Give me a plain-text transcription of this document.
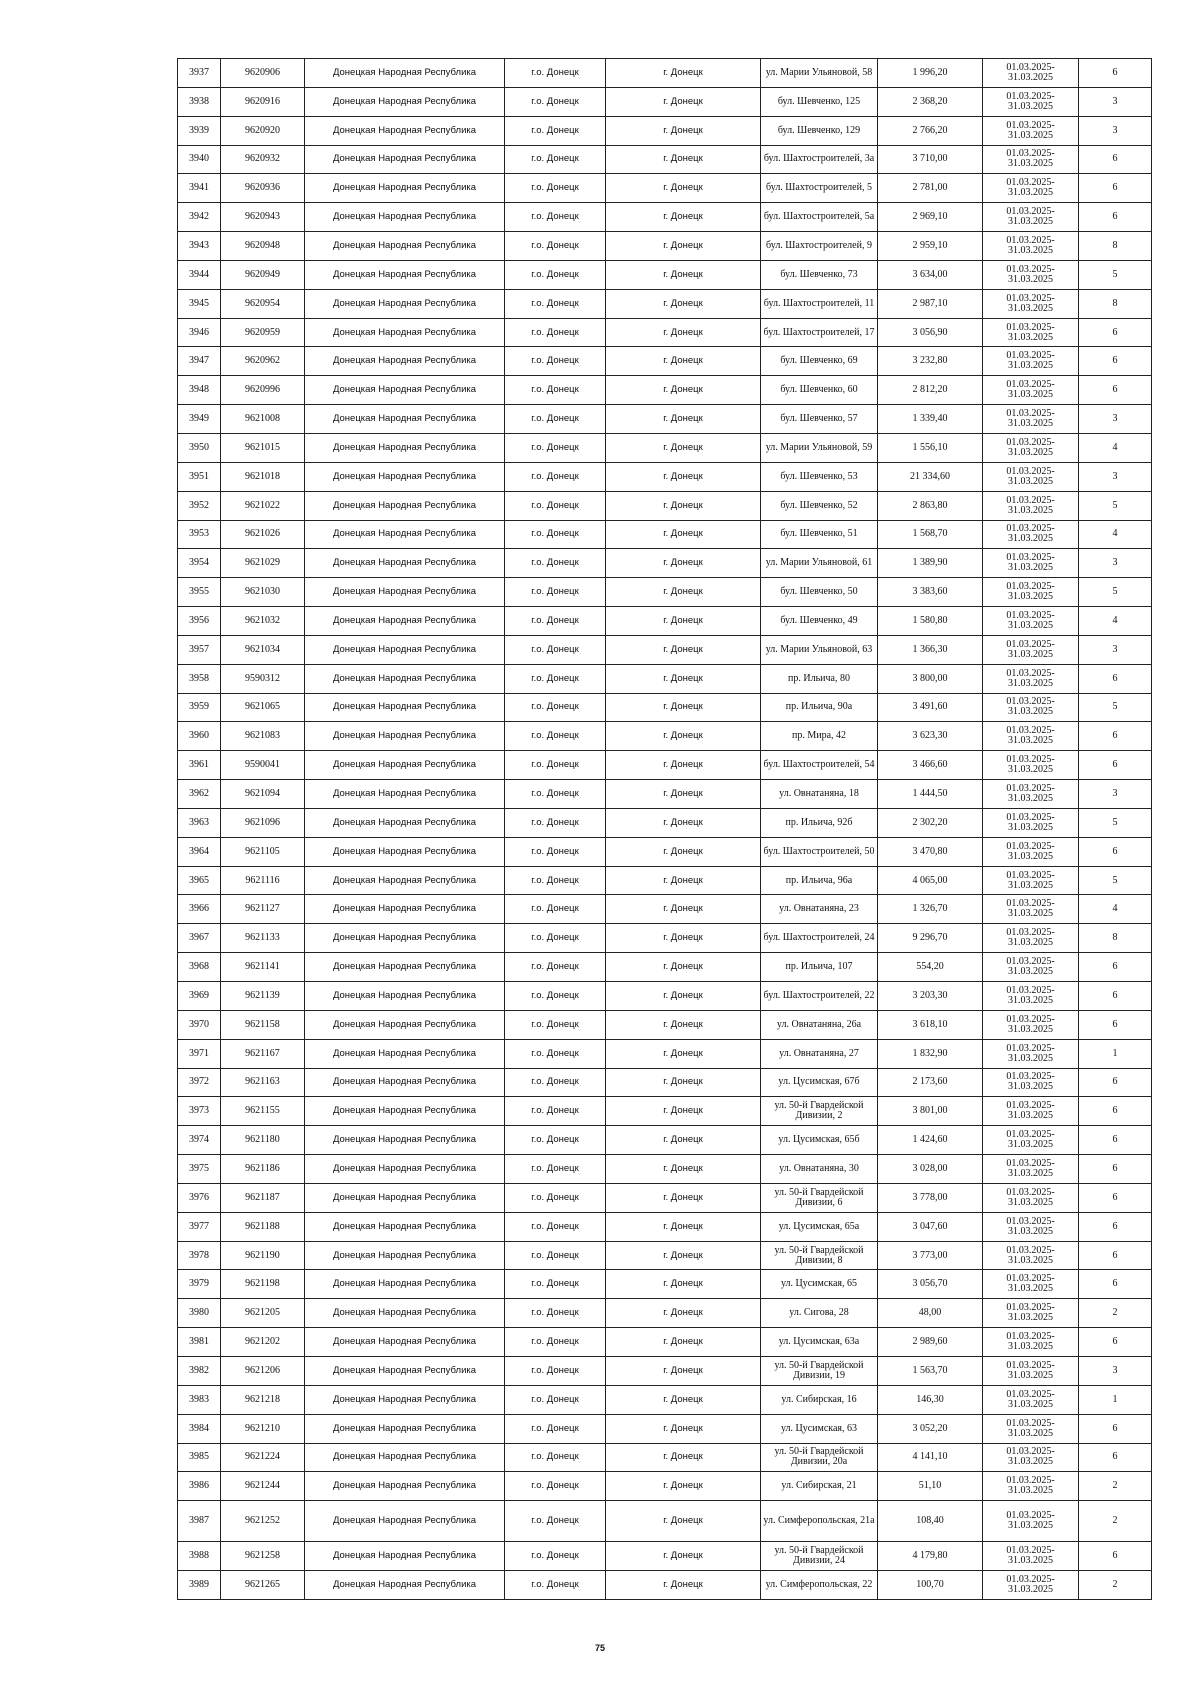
3937	9620906	Донецкая Народная Республика	г.о. Донецк	г. Донецк	ул. Марии Ульяновой, 58	1 996,20	01.03.2025- 31.03.2025	6
3938	9620916	Донецкая Народная Республика	г.о. Донецк	г. Донецк	бул. Шевченко, 125	2 368,20	01.03.2025- 31.03.2025	3
3939	9620920	Донецкая Народная Республика	г.о. Донецк	г. Донецк	бул. Шевченко, 129	2 766,20	01.03.2025- 31.03.2025	3
3940	9620932	Донецкая Народная Республика	г.о. Донецк	г. Донецк	бул. Шахтостроителей, 3а	3 710,00	01.03.2025- 31.03.2025	6
3941	9620936	Донецкая Народная Республика	г.о. Донецк	г. Донецк	бул. Шахтостроителей, 5	2 781,00	01.03.2025- 31.03.2025	6
3942	9620943	Донецкая Народная Республика	г.о. Донецк	г. Донецк	бул. Шахтостроителей, 5а	2 969,10	01.03.2025- 31.03.2025	6
3943	9620948	Донецкая Народная Республика	г.о. Донецк	г. Донецк	бул. Шахтостроителей, 9	2 959,10	01.03.2025- 31.03.2025	8
3944	9620949	Донецкая Народная Республика	г.о. Донецк	г. Донецк	бул. Шевченко, 73	3 634,00	01.03.2025- 31.03.2025	5
3945	9620954	Донецкая Народная Республика	г.о. Донецк	г. Донецк	бул. Шахтостроителей, 11	2 987,10	01.03.2025- 31.03.2025	8
3946	9620959	Донецкая Народная Республика	г.о. Донецк	г. Донецк	бул. Шахтостроителей, 17	3 056,90	01.03.2025- 31.03.2025	6
3947	9620962	Донецкая Народная Республика	г.о. Донецк	г. Донецк	бул. Шевченко, 69	3 232,80	01.03.2025- 31.03.2025	6
3948	9620996	Донецкая Народная Республика	г.о. Донецк	г. Донецк	бул. Шевченко, 60	2 812,20	01.03.2025- 31.03.2025	6
3949	9621008	Донецкая Народная Республика	г.о. Донецк	г. Донецк	бул. Шевченко, 57	1 339,40	01.03.2025- 31.03.2025	3
3950	9621015	Донецкая Народная Республика	г.о. Донецк	г. Донецк	ул. Марии Ульяновой, 59	1 556,10	01.03.2025- 31.03.2025	4
3951	9621018	Донецкая Народная Республика	г.о. Донецк	г. Донецк	бул. Шевченко, 53	21 334,60	01.03.2025- 31.03.2025	3
3952	9621022	Донецкая Народная Республика	г.о. Донецк	г. Донецк	бул. Шевченко, 52	2 863,80	01.03.2025- 31.03.2025	5
3953	9621026	Донецкая Народная Республика	г.о. Донецк	г. Донецк	бул. Шевченко, 51	1 568,70	01.03.2025- 31.03.2025	4
3954	9621029	Донецкая Народная Республика	г.о. Донецк	г. Донецк	ул. Марии Ульяновой, 61	1 389,90	01.03.2025- 31.03.2025	3
3955	9621030	Донецкая Народная Республика	г.о. Донецк	г. Донецк	бул. Шевченко, 50	3 383,60	01.03.2025- 31.03.2025	5
3956	9621032	Донецкая Народная Республика	г.о. Донецк	г. Донецк	бул. Шевченко, 49	1 580,80	01.03.2025- 31.03.2025	4
3957	9621034	Донецкая Народная Республика	г.о. Донецк	г. Донецк	ул. Марии Ульяновой, 63	1 366,30	01.03.2025- 31.03.2025	3
3958	9590312	Донецкая Народная Республика	г.о. Донецк	г. Донецк	пр. Ильича, 80	3 800,00	01.03.2025- 31.03.2025	6
3959	9621065	Донецкая Народная Республика	г.о. Донецк	г. Донецк	пр. Ильича, 90а	3 491,60	01.03.2025- 31.03.2025	5
3960	9621083	Донецкая Народная Республика	г.о. Донецк	г. Донецк	пр. Мира, 42	3 623,30	01.03.2025- 31.03.2025	6
3961	9590041	Донецкая Народная Республика	г.о. Донецк	г. Донецк	бул. Шахтостроителей, 54	3 466,60	01.03.2025- 31.03.2025	6
3962	9621094	Донецкая Народная Республика	г.о. Донецк	г. Донецк	ул. Овнатаняна, 18	1 444,50	01.03.2025- 31.03.2025	3
3963	9621096	Донецкая Народная Республика	г.о. Донецк	г. Донецк	пр. Ильича, 92б	2 302,20	01.03.2025- 31.03.2025	5
3964	9621105	Донецкая Народная Республика	г.о. Донецк	г. Донецк	бул. Шахтостроителей, 50	3 470,80	01.03.2025- 31.03.2025	6
3965	9621116	Донецкая Народная Республика	г.о. Донецк	г. Донецк	пр. Ильича, 96а	4 065,00	01.03.2025- 31.03.2025	5
3966	9621127	Донецкая Народная Республика	г.о. Донецк	г. Донецк	ул. Овнатаняна, 23	1 326,70	01.03.2025- 31.03.2025	4
3967	9621133	Донецкая Народная Республика	г.о. Донецк	г. Донецк	бул. Шахтостроителей, 24	9 296,70	01.03.2025- 31.03.2025	8
3968	9621141	Донецкая Народная Республика	г.о. Донецк	г. Донецк	пр. Ильича, 107	554,20	01.03.2025- 31.03.2025	6
3969	9621139	Донецкая Народная Республика	г.о. Донецк	г. Донецк	бул. Шахтостроителей, 22	3 203,30	01.03.2025- 31.03.2025	6
3970	9621158	Донецкая Народная Республика	г.о. Донецк	г. Донецк	ул. Овнатаняна, 26а	3 618,10	01.03.2025- 31.03.2025	6
3971	9621167	Донецкая Народная Республика	г.о. Донецк	г. Донецк	ул. Овнатаняна, 27	1 832,90	01.03.2025- 31.03.2025	1
3972	9621163	Донецкая Народная Республика	г.о. Донецк	г. Донецк	ул. Цусимская, 67б	2 173,60	01.03.2025- 31.03.2025	6
3973	9621155	Донецкая Народная Республика	г.о. Донецк	г. Донецк	ул. 50-й Гвардейской Дивизии, 2	3 801,00	01.03.2025- 31.03.2025	6
3974	9621180	Донецкая Народная Республика	г.о. Донецк	г. Донецк	ул. Цусимская, 65б	1 424,60	01.03.2025- 31.03.2025	6
3975	9621186	Донецкая Народная Республика	г.о. Донецк	г. Донецк	ул. Овнатаняна, 30	3 028,00	01.03.2025- 31.03.2025	6
3976	9621187	Донецкая Народная Республика	г.о. Донецк	г. Донецк	ул. 50-й Гвардейской Дивизии, 6	3 778,00	01.03.2025- 31.03.2025	6
3977	9621188	Донецкая Народная Республика	г.о. Донецк	г. Донецк	ул. Цусимская, 65а	3 047,60	01.03.2025- 31.03.2025	6
3978	9621190	Донецкая Народная Республика	г.о. Донецк	г. Донецк	ул. 50-й Гвардейской Дивизии, 8	3 773,00	01.03.2025- 31.03.2025	6
3979	9621198	Донецкая Народная Республика	г.о. Донецк	г. Донецк	ул. Цусимская, 65	3 056,70	01.03.2025- 31.03.2025	6
3980	9621205	Донецкая Народная Республика	г.о. Донецк	г. Донецк	ул. Сигова, 28	48,00	01.03.2025- 31.03.2025	2
3981	9621202	Донецкая Народная Республика	г.о. Донецк	г. Донецк	ул. Цусимская, 63а	2 989,60	01.03.2025- 31.03.2025	6
3982	9621206	Донецкая Народная Республика	г.о. Донецк	г. Донецк	ул. 50-й Гвардейской Дивизии, 19	1 563,70	01.03.2025- 31.03.2025	3
3983	9621218	Донецкая Народная Республика	г.о. Донецк	г. Донецк	ул. Сибирская, 16	146,30	01.03.2025- 31.03.2025	1
3984	9621210	Донецкая Народная Республика	г.о. Донецк	г. Донецк	ул. Цусимская, 63	3 052,20	01.03.2025- 31.03.2025	6
3985	9621224	Донецкая Народная Республика	г.о. Донецк	г. Донецк	ул. 50-й Гвардейской Дивизии, 20а	4 141,10	01.03.2025- 31.03.2025	6
3986	9621244	Донецкая Народная Республика	г.о. Донецк	г. Донецк	ул. Сибирская, 21	51,10	01.03.2025- 31.03.2025	2
3987	9621252	Донецкая Народная Республика	г.о. Донецк	г. Донецк	ул. Симферопольская, 21а	108,40	01.03.2025- 31.03.2025	2
3988	9621258	Донецкая Народная Республика	г.о. Донецк	г. Донецк	ул. 50-й Гвардейской Дивизии, 24	4 179,80	01.03.2025- 31.03.2025	6
3989	9621265	Донецкая Народная Республика	г.о. Донецк	г. Донецк	ул. Симферопольская, 22	100,70	01.03.2025- 31.03.2025	2
75
